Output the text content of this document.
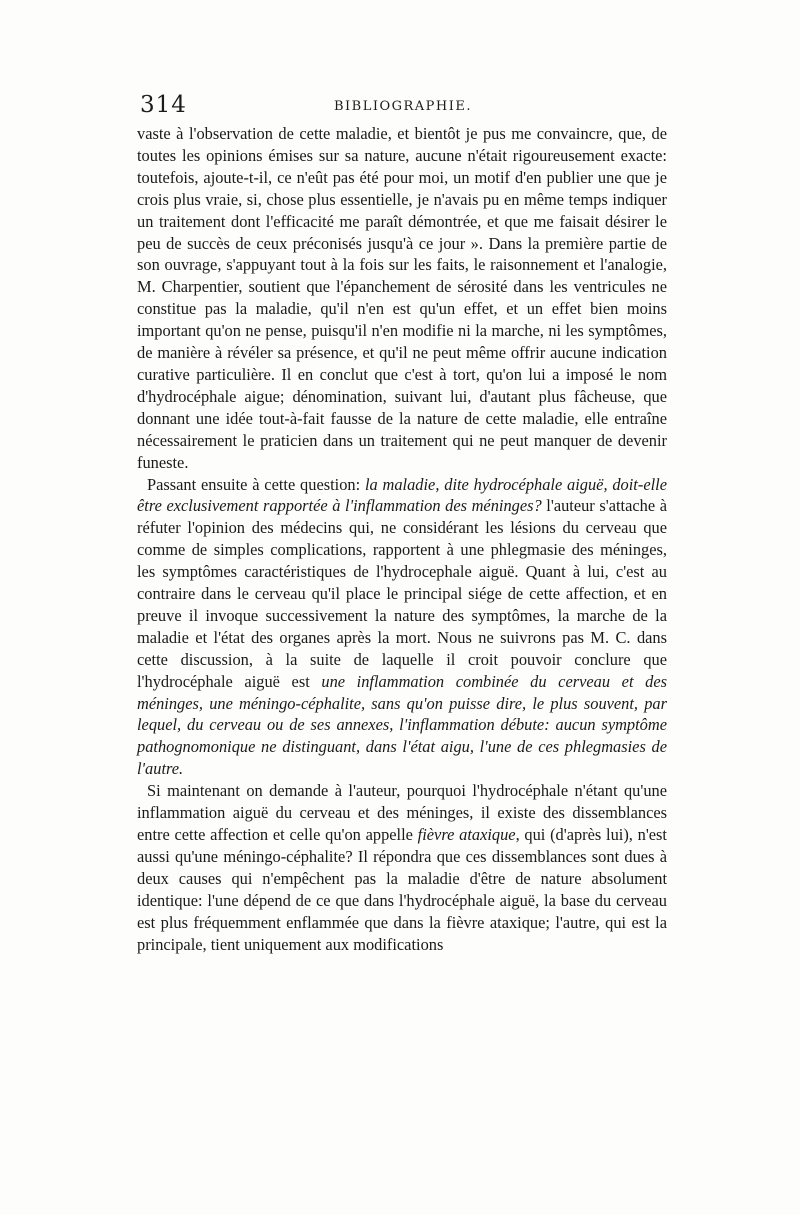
314	BIBLIOGRAPHIE.

vaste à l'observation de cette maladie, et bientôt je pus me convaincre, que, de toutes les opinions émises sur sa nature, aucune n'était rigoureusement exacte: toutefois, ajoute-t-il, ce n'eût pas été pour moi, un motif d'en publier une que je crois plus vraie, si, chose plus essentielle, je n'avais pu en même temps indiquer un traitement dont l'efficacité me paraît démontrée, et que me faisait désirer le peu de succès de ceux préconisés jusqu'à ce jour ». Dans la première partie de son ouvrage, s'appuyant tout à la fois sur les faits, le raisonnement et l'analogie, M. Charpentier, soutient que l'épanchement de sérosité dans les ventricules ne constitue pas la maladie, qu'il n'en est qu'un effet, et un effet bien moins important qu'on ne pense, puisqu'il n'en modifie ni la marche, ni les symptômes, de manière à révéler sa présence, et qu'il ne peut même offrir aucune indication curative particulière. Il en conclut que c'est à tort, qu'on lui a imposé le nom d'hydrocéphale aigue; dénomination, suivant lui, d'autant plus fâcheuse, que donnant une idée tout-à-fait fausse de la nature de cette maladie, elle entraîne nécessairement le praticien dans un traitement qui ne peut manquer de devenir funeste.

Passant ensuite à cette question: la maladie, dite hydrocéphale aiguë, doit-elle être exclusivement rapportée à l'inflammation des méninges? l'auteur s'attache à réfuter l'opinion des médecins qui, ne considérant les lésions du cerveau que comme de simples complications, rapportent à une phlegmasie des méninges, les symptômes caractéristiques de l'hydrocephale aiguë. Quant à lui, c'est au contraire dans le cerveau qu'il place le principal siége de cette affection, et en preuve il invoque successivement la nature des symptômes, la marche de la maladie et l'état des organes après la mort. Nous ne suivrons pas M. C. dans cette discussion, à la suite de laquelle il croit pouvoir conclure que l'hydrocéphale aiguë est une inflammation combinée du cerveau et des méninges, une méningo-céphalite, sans qu'on puisse dire, le plus souvent, par lequel, du cerveau ou de ses annexes, l'inflammation débute: aucun symptôme pathognomonique ne distinguant, dans l'état aigu, l'une de ces phlegmasies de l'autre.

Si maintenant on demande à l'auteur, pourquoi l'hydrocéphale n'étant qu'une inflammation aiguë du cerveau et des méninges, il existe des dissemblances entre cette affection et celle qu'on appelle fièvre ataxique, qui (d'après lui), n'est aussi qu'une méningo-céphalite? Il répondra que ces dissemblances sont dues à deux causes qui n'empêchent pas la maladie d'être de nature absolument identique: l'une dépend de ce que dans l'hydrocéphale aiguë, la base du cerveau est plus fréquemment enflammée que dans la fièvre ataxique; l'autre, qui est la principale, tient uniquement aux modifications
